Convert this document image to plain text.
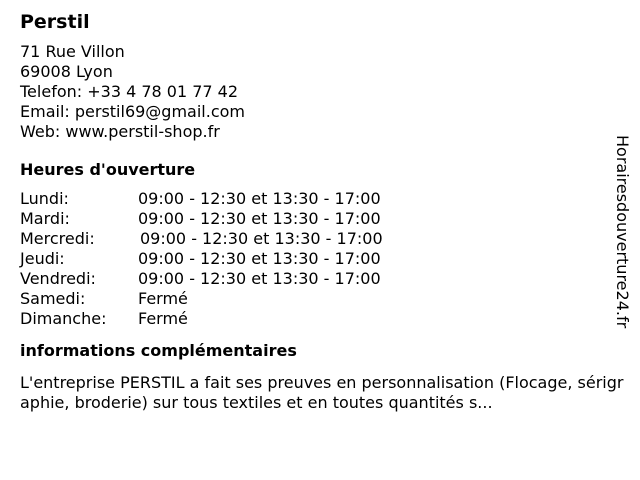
Perstil
71 Rue Villon
69008 Lyon
Telefon: +33 4 78 01 77 42
Email: perstil69@gmail.com
Web: www.perstil-shop.fr
Heures d'ouverture
Lundi:	09:00 - 12:30 et 13:30 - 17:00
Mardi:	09:00 - 12:30 et 13:30 - 17:00
Mercredi:	09:00 - 12:30 et 13:30 - 17:00
Jeudi:	09:00 - 12:30 et 13:30 - 17:00
Vendredi:	09:00 - 12:30 et 13:30 - 17:00
Samedi:	Fermé
Dimanche:	Fermé
informations complémentaires
L'entreprise PERSTIL a fait ses preuves en personnalisation (Flocage, sérigraphie, broderie) sur tous textiles et en toutes quantités s...
Horairesdouverture24.fr
